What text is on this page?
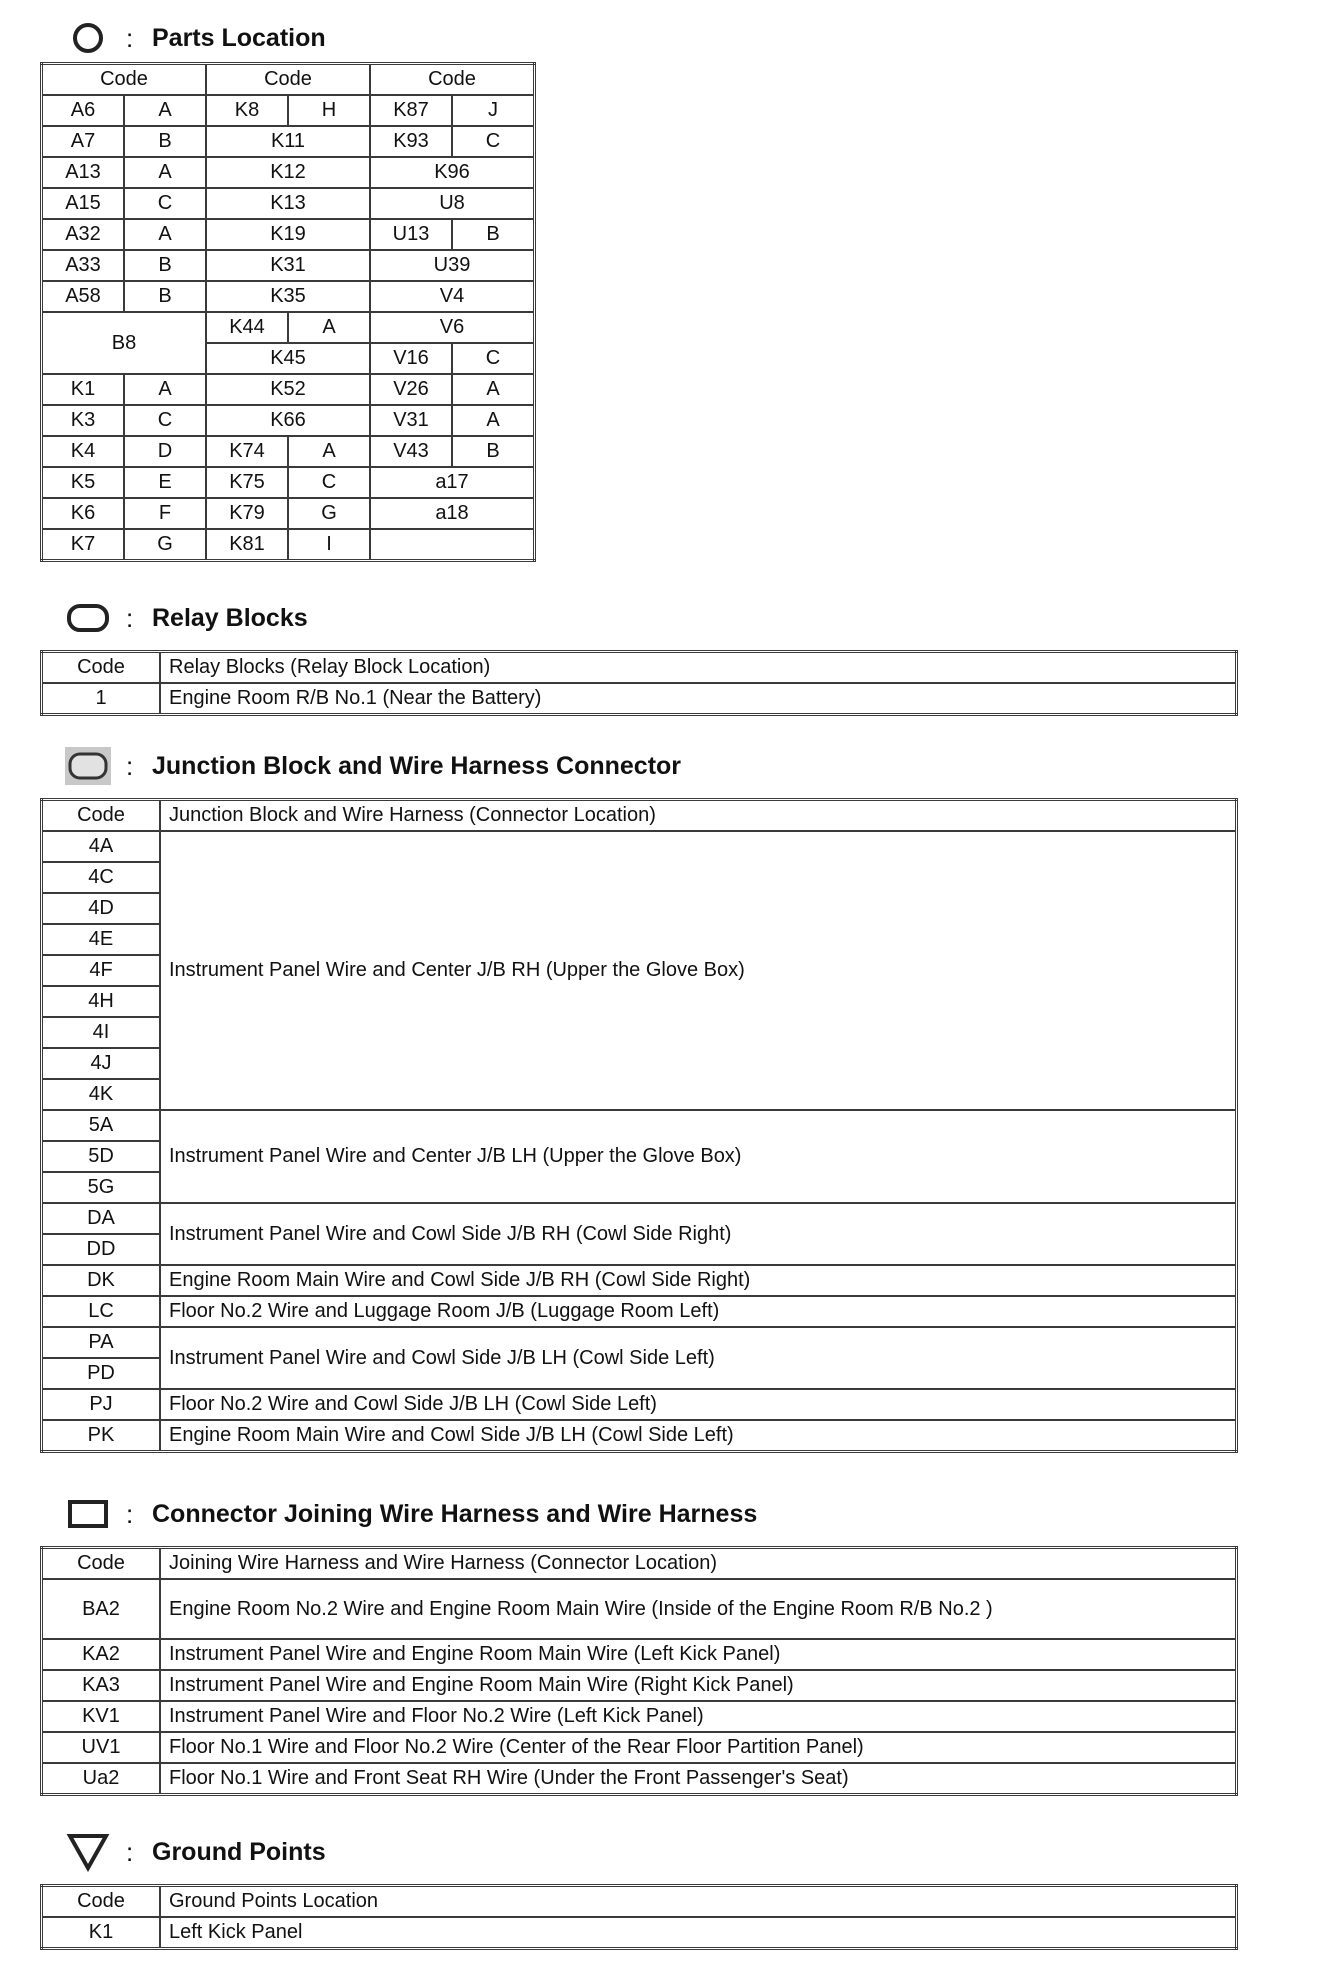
: Parts Location
Code		Code		Code	
A6	A	K8	H	K87	J
A7	B	K11		K93	C
A13	A	K12		K96	
A15	C	K13		U8	
A32	A	K19		U13	B
A33	B	K31		U39	
A58	B	K35		V4	
B8		K44	A	V6	
		K45		V16	C
K1	A	K52		V26	A
K3	C	K66		V31	A
K4	D	K74	A	V43	B
K5	E	K75	C	a17	
K6	F	K79	G	a18	
K7	G	K81	I		
: Relay Blocks
Code	Relay Blocks (Relay Block Location)
1	Engine Room R/B No.1 (Near the Battery)
: Junction Block and Wire Harness Connector
Code	Junction Block and Wire Harness (Connector Location)
4A	Instrument Panel Wire and Center J/B RH (Upper the Glove Box)
4C	
4D	
4E	
4F	
4H	
4I	
4J	
4K	
5A	Instrument Panel Wire and Center J/B LH (Upper the Glove Box)
5D	
5G	
DA	Instrument Panel Wire and Cowl Side J/B RH (Cowl Side Right)
DD	
DK	Engine Room Main Wire and Cowl Side J/B RH (Cowl Side Right)
LC	Floor No.2 Wire and Luggage Room J/B (Luggage Room Left)
PA	Instrument Panel Wire and Cowl Side J/B LH (Cowl Side Left)
PD	
PJ	Floor No.2 Wire and Cowl Side J/B LH (Cowl Side Left)
PK	Engine Room Main Wire and Cowl Side J/B LH (Cowl Side Left)
: Connector Joining Wire Harness and Wire Harness
Code	Joining Wire Harness and Wire Harness (Connector Location)
BA2	Engine Room No.2 Wire and Engine Room Main Wire (Inside of the Engine Room R/B No.2 )
KA2	Instrument Panel Wire and Engine Room Main Wire (Left Kick Panel)
KA3	Instrument Panel Wire and Engine Room Main Wire (Right Kick Panel)
KV1	Instrument Panel Wire and Floor No.2 Wire (Left Kick Panel)
UV1	Floor No.1 Wire and Floor No.2 Wire (Center of the Rear Floor Partition Panel)
Ua2	Floor No.1 Wire and Front Seat RH Wire (Under the Front Passenger's Seat)
: Ground Points
Code	Ground Points Location
K1	Left Kick Panel
